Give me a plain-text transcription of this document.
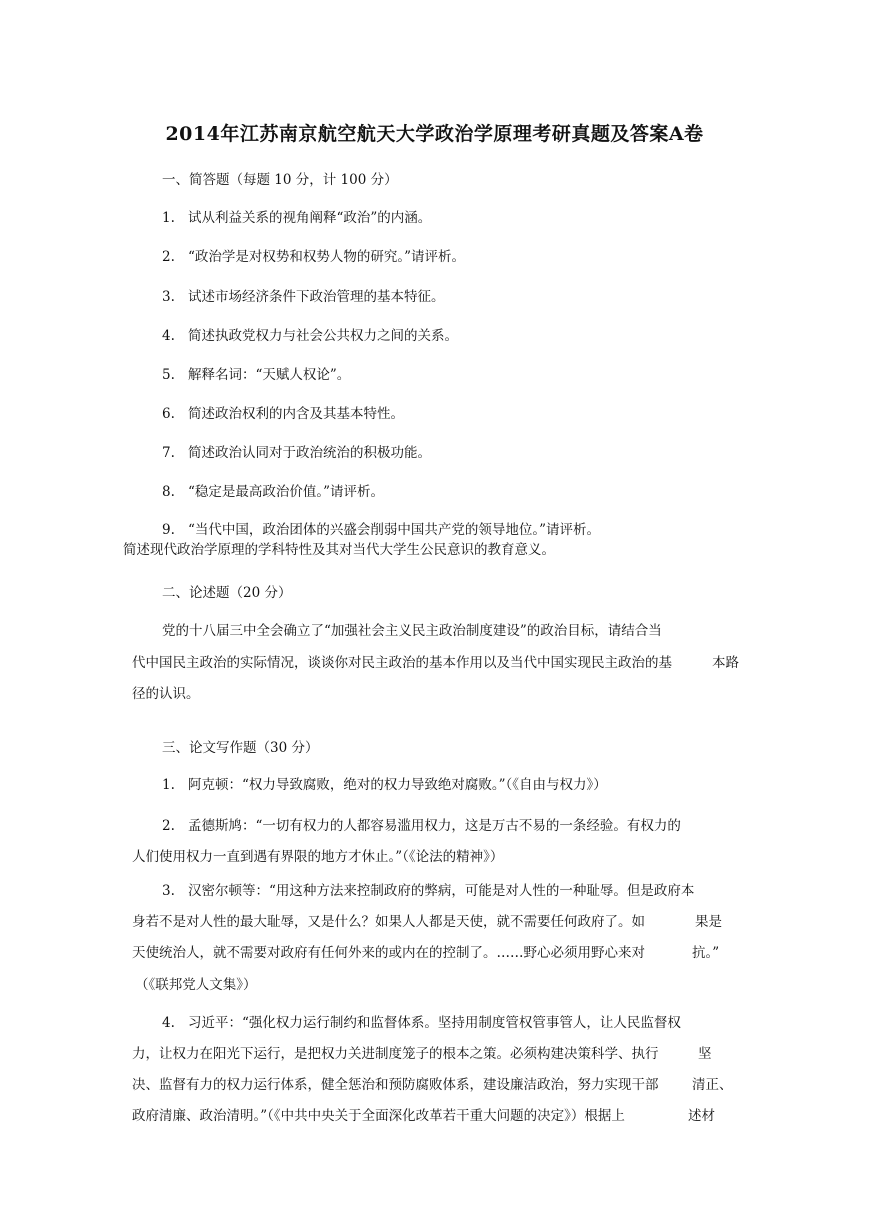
2014年江苏南京航空航天大学政治学原理考研真题及答案A卷
一、简答题（每题 10 分，计 100 分）
1. 试从利益关系的视角阐释“政治”的内涵。
2. “政治学是对权势和权势人物的研究。”请评析。
3. 试述市场经济条件下政治管理的基本特征。
4. 简述执政党权力与社会公共权力之间的关系。
5. 解释名词：“天赋人权论”。
6. 简述政治权利的内含及其基本特性。
7. 简述政治认同对于政治统治的积极功能。
8. “稳定是最高政治价值。”请评析。
9. “当代中国，政治团体的兴盛会削弱中国共产党的领导地位。”请评析。
简述现代政治学原理的学科特性及其对当代大学生公民意识的教育意义。
二、论述题（20 分）
党的十八届三中全会确立了“加强社会主义民主政治制度建设”的政治目标，请结合当
代中国民主政治的实际情况，谈谈你对民主政治的基本作用以及当代中国实现民主政治的基
径的认识。
本路
三、论文写作题（30 分）
1. 阿克顿：“权力导致腐败，绝对的权力导致绝对腐败。”（《自由与权力》）
2. 孟德斯鸠：“一切有权力的人都容易滥用权力，这是万古不易的一条经验。有权力的
人们使用权力一直到遇有界限的地方才休止。”（《论法的精神》）
3. 汉密尔顿等：“用这种方法来控制政府的弊病，可能是对人性的一种耻辱。但是政府本
身若不是对人性的最大耻辱，又是什么？如果人人都是天使，就不需要任何政府了。如	果是
天使统治人，就不需要对政府有任何外来的或内在的控制了。……野心必须用野心来对	抗。”
（《联邦党人文集》）
4. 习近平：“强化权力运行制约和监督体系。坚持用制度管权管事管人，让人民监督权
力，让权力在阳光下运行，是把权力关进制度笼子的根本之策。必须构建决策科学、执行	坚
决、监督有力的权力运行体系，健全惩治和预防腐败体系，建设廉洁政治，努力实现干部 清正、
政府清廉、政治清明。”（《中共中央关于全面深化改革若干重大问题的决定》）根据上	述材
